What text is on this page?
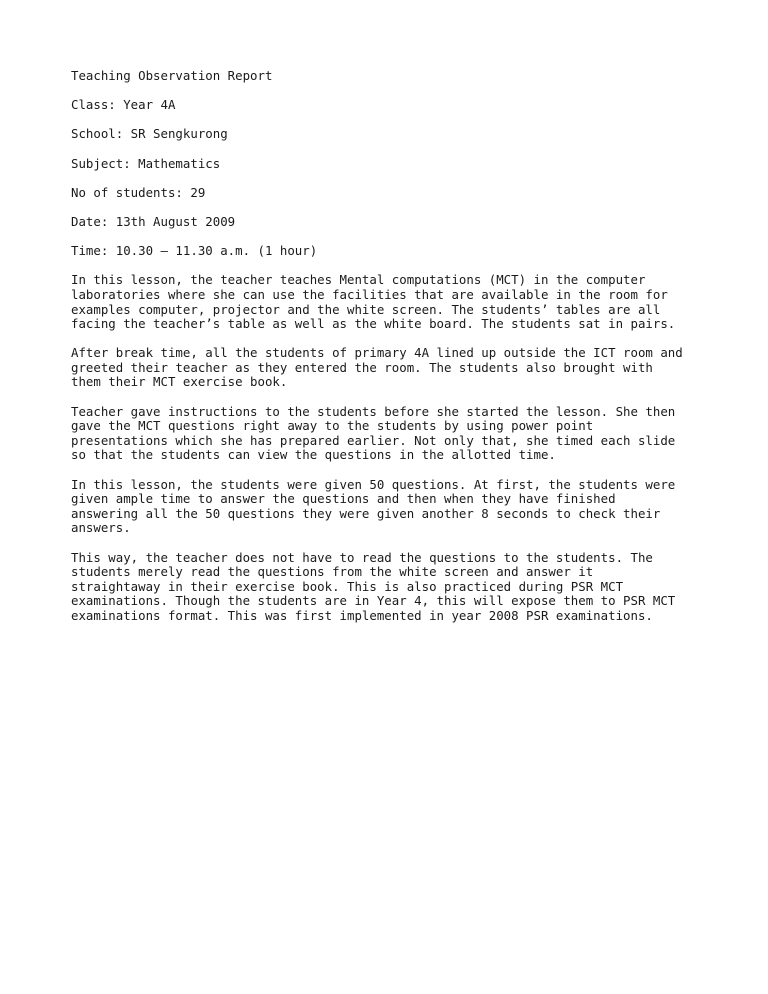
Teaching Observation Report
Class: Year 4A
School: SR Sengkurong
Subject: Mathematics
No of students: 29
Date: 13th August 2009
Time: 10.30 – 11.30 a.m. (1 hour)
In this lesson, the teacher teaches Mental computations (MCT) in the computer
laboratories where she can use the facilities that are available in the room for
examples computer, projector and the white screen. The students’ tables are all
facing the teacher’s table as well as the white board. The students sat in pairs.
After break time, all the students of primary 4A lined up outside the ICT room and
greeted their teacher as they entered the room. The students also brought with
them their MCT exercise book.
Teacher gave instructions to the students before she started the lesson. She then
gave the MCT questions right away to the students by using power point
presentations which she has prepared earlier. Not only that, she timed each slide
so that the students can view the questions in the allotted time.
In this lesson, the students were given 50 questions. At first, the students were
given ample time to answer the questions and then when they have finished
answering all the 50 questions they were given another 8 seconds to check their
answers.
This way, the teacher does not have to read the questions to the students. The
students merely read the questions from the white screen and answer it
straightaway in their exercise book. This is also practiced during PSR MCT
examinations. Though the students are in Year 4, this will expose them to PSR MCT
examinations format. This was first implemented in year 2008 PSR examinations.
